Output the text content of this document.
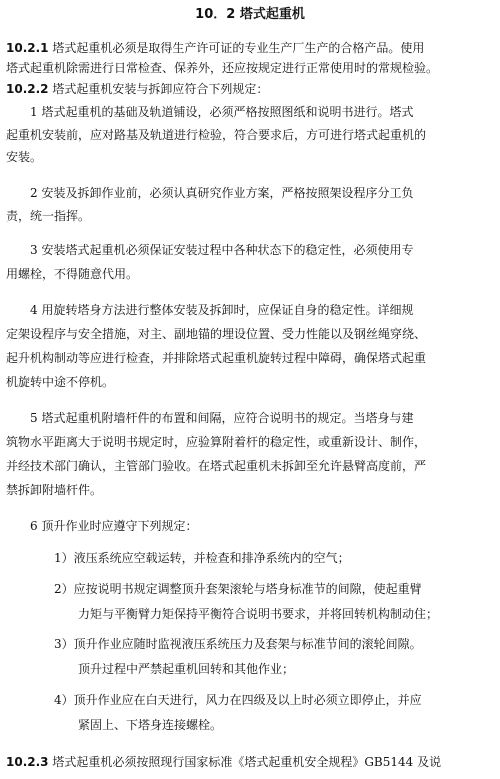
10．2 塔式起重机
10.2.1 塔式起重机必须是取得生产许可证的专业生产厂生产的合格产品。使用
塔式起重机除需进行日常检查、保养外，还应按规定进行正常使用时的常规检验。
10.2.2 塔式起重机安装与拆卸应符合下列规定：
1 塔式起重机的基础及轨道铺设，必须严格按照图纸和说明书进行。塔式
起重机安装前，应对路基及轨道进行检验，符合要求后，方可进行塔式起重机的
安装。
2 安装及拆卸作业前，必须认真研究作业方案，严格按照架设程序分工负
责，统一指挥。
3 安装塔式起重机必须保证安装过程中各种状态下的稳定性，必须使用专
用螺栓，不得随意代用。
4 用旋转塔身方法进行整体安装及拆卸时，应保证自身的稳定性。详细规
定架设程序与安全措施，对主、副地锚的埋设位置、受力性能以及钢丝绳穿绕、
起升机构制动等应进行检查，并排除塔式起重机旋转过程中障碍，确保塔式起重
机旋转中途不停机。
5 塔式起重机附墙杆件的布置和间隔，应符合说明书的规定。当塔身与建
筑物水平距离大于说明书规定时，应验算附着杆的稳定性，或重新设计、制作，
并经技术部门确认，主管部门验收。在塔式起重机未拆卸至允许悬臂高度前，严
禁拆卸附墙杆件。
6 顶升作业时应遵守下列规定：
1）液压系统应空载运转，并检查和排净系统内的空气；
2）应按说明书规定调整顶升套架滚轮与塔身标准节的间隙，使起重臂
力矩与平衡臂力矩保持平衡符合说明书要求，并将回转机构制动住；
3）顶升作业应随时监视液压系统压力及套架与标准节间的滚轮间隙。
顶升过程中严禁起重机回转和其他作业；
4）顶升作业应在白天进行，风力在四级及以上时必须立即停止，并应
紧固上、下塔身连接螺栓。
10.2.3 塔式起重机必须按照现行国家标准《塔式起重机安全规程》GB5144 及说
